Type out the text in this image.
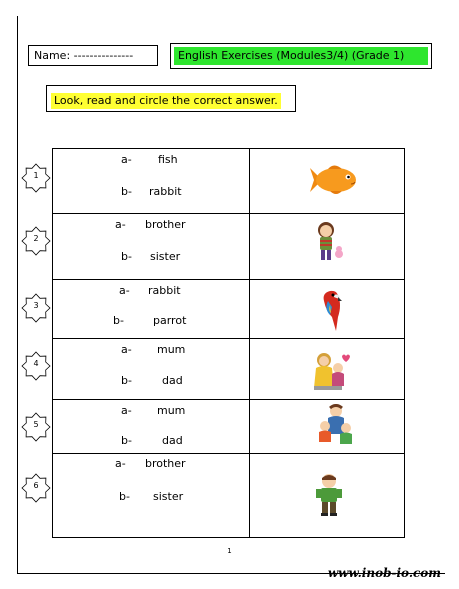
Name: ---------------	English Exercises (Modules3/4) (Grade 1)
Look, read and circle the correct answer.
a- fish
b- rabbit

a- brother
b- sister

a- rabbit
b- parrot

a- mum
b- dad

a- mum
b- dad

a- brother
b- sister

1
2
3
4
5
6
1
www.inob-io.com
